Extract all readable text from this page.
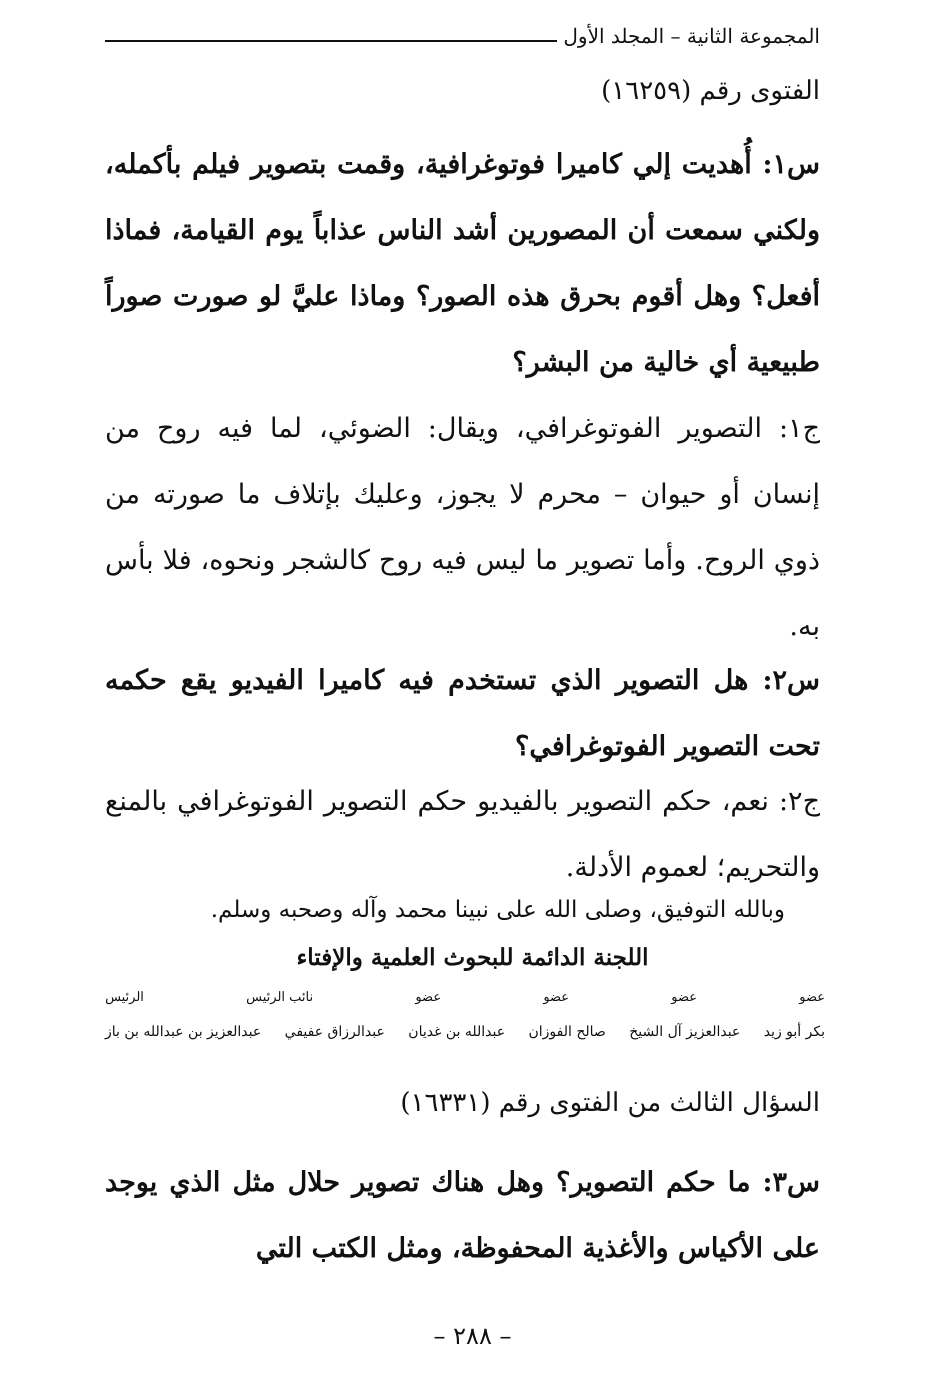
المجموعة الثانية – المجلد الأول
الفتوى رقم (١٦٢٥٩)
س١: أُهديت إلي كاميرا فوتوغرافية، وقمت بتصوير فيلم بأكمله، ولكني سمعت أن المصورين أشد الناس عذاباً يوم القيامة، فماذا أفعل؟ وهل أقوم بحرق هذه الصور؟ وماذا عليَّ لو صورت صوراً طبيعية أي خالية من البشر؟
ج١: التصوير الفوتوغرافي، ويقال: الضوئي، لما فيه روح من إنسان أو حيوان – محرم لا يجوز، وعليك بإتلاف ما صورته من ذوي الروح. وأما تصوير ما ليس فيه روح كالشجر ونحوه، فلا بأس به.
س٢: هل التصوير الذي تستخدم فيه كاميرا الفيديو يقع حكمه تحت التصوير الفوتوغرافي؟
ج٢: نعم، حكم التصوير بالفيديو حكم التصوير الفوتوغرافي بالمنع والتحريم؛ لعموم الأدلة.
وبالله التوفيق، وصلى الله على نبينا محمد وآله وصحبه وسلم.
اللجنة الدائمة للبحوث العلمية والإفتاء
عضو
عضو
عضو
عضو
نائب الرئيس
الرئيس
بكر أبو زيد
عبدالعزيز آل الشيخ
صالح الفوزان
عبدالله بن غديان
عبدالرزاق عفيفي
عبدالعزيز بن عبدالله بن باز
السؤال الثالث من الفتوى رقم (١٦٣٣١)
س٣: ما حكم التصوير؟ وهل هناك تصوير حلال مثل الذي يوجد على الأكياس والأغذية المحفوظة، ومثل الكتب التي
– ٢٨٨ –
